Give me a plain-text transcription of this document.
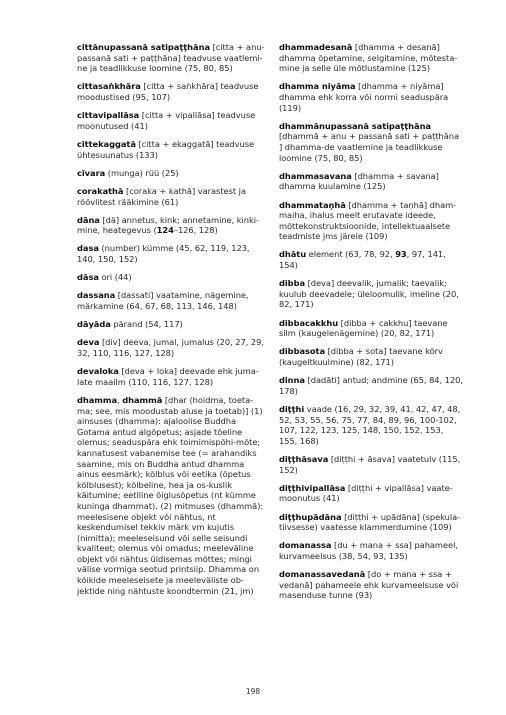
cittānupassanā satipaṭṭhāna [citta + anu-passanā sati + paṭṭhāna] teadvuse vaatlemi-ne ja teadlikkuse loomine (75, 80, 85)

cittasaṅkhāra [citta + saṅkhāra] teadvuse moodustised (95, 107)

cittavipallāsa [citta + vipallāsa] teadvuse moonutused (41)

cittekaggatā [citta + ekaggatā] teadvuse ühtesuunatus (133)

cīvara (munga) rüü (25)

corakathā [coraka + kathā] varastest ja röövlitest rääkimine (61)

dāna [dā] annetus, kink; annetamine, kinki-mine, heategevus (124–126, 128)

dasa (number) kümme (45, 62, 119, 123, 140, 150, 152)

dāsa ori (44)

dassana [dassati] vaatamine, nägemine, märkamine (64, 67, 68, 113, 146, 148)

dāyāda pärand (54, 117)

deva [div] deeva, jumal, jumalus (20, 27, 29, 32, 110, 116, 127, 128)

devaloka [deva + loka] deevade ehk juma-late maailm (110, 116, 127, 128)

dhamma, dhammā [dhar (hoidma, toeta-ma; see, mis moodustab aluse ja toetab)] (1) ainsuses (dhamma): ajaloolise Buddha Gotama antud algõpetus; asjade tõeline olemus; seaduspära ehk toimimispõhi-mõte; kannatusest vabanemise tee (= arahandiks saamine, mis on Buddha antud dhamma ainus eesmärk); kõlblus või eetika (õpetus kõlblusest); kõlbeline, hea ja os-kuslik käitumine; eetiline õiglusõpetus (nt kümme kuninga dhammat). (2) mitmuses (dhammā): meelesisene objekt või nähtus, nt keskendumisel tekkiv märk vm kujutis (nimitta); meeleseisund või selle seisundi kvaliteet; olemus või omadus; meeleväline objekt või nähtus üldisemas mõttes; mingi välise vormiga seotud printsiip. Dhamma on kõikide meeleseisete ja meeleväliste ob-jektide ning nähtuste koondtermin (21, jm)

dhammadesanā [dhamma + desanā] dhamma õpetamine, selgitamine, mõtesta-mine ja selle üle mõtlustamine (125)

dhamma niyāma [dhamma + niyāma] dhamma ehk korra või normi seaduspära (119)

dhammānupassanā satipaṭṭhāna [dhammā + anu + passanā sati + paṭṭhāna ] dhamma-de vaatlemine ja teadlikkuse loomine (75, 80, 85)

dhammasavana [dhamma + savana] dhamma kuulamine (125)

dhammataṇhā [dhamma + taṇhā] dham-maiha, ihalus meelt erutavate ideede, mõttekonstruktsioonide, intellektuaalsete teadmiste jms järele (109)

dhātu element (63, 78, 92, 93, 97, 141, 154)

dibba [deva] deevalik, jumalik; taevalik; kuulub deevadele; üleloomulik, imeline (20, 82, 171)

dibbacakkhu [dibba + cakkhu] taevane silm (kaugelenägemine) (20, 82, 171)

dibbasota [dibba + sota] taevane kõrv (kaugeltkuulmine) (82, 171)

dinna [dadāti] antud; andmine (65, 84, 120, 178)

diṭṭhi vaade (16, 29, 32, 39, 41, 42, 47, 48, 52, 53, 55, 56, 75, 77, 84, 89, 96, 100-102, 107, 122, 123, 125, 148, 150, 152, 153, 155, 168)

diṭṭhāsava [diṭṭhi + āsava] vaatetulv (115, 152)

diṭṭhivipallāsa [diṭṭhi + vipallāsa] vaate-moonutus (41)

diṭṭhupādāna [diṭṭhi + upādāna] (spekula-tiivsesse) vaatesse klammerdumine (109)

domanassa [du + mana + ssa] pahameel, kurvameelsus (38, 54, 93, 135)

domanassavedanā [do + mana + ssa + vedanā] pahameele ehk kurvameelsuse või masenduse tunne (93)

198
